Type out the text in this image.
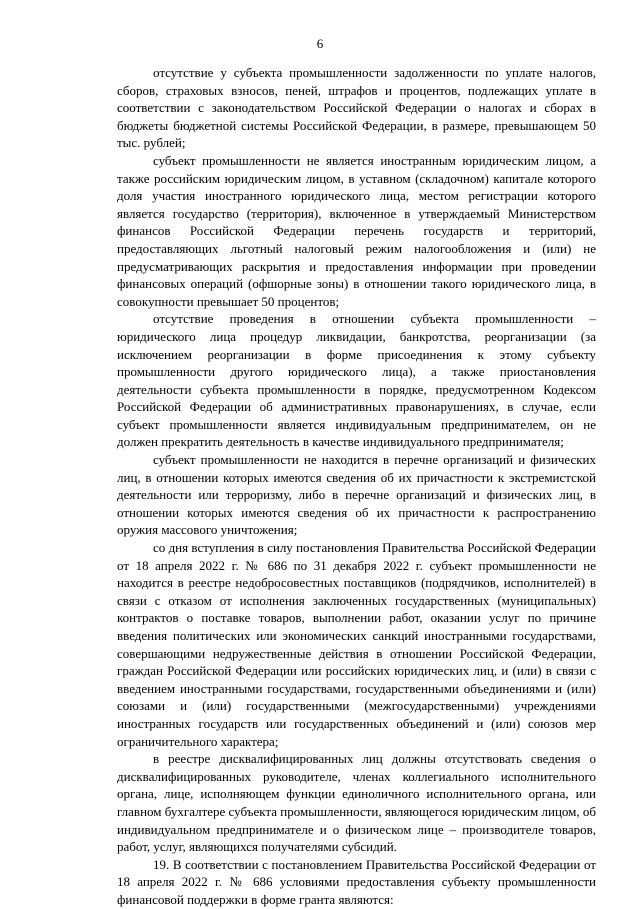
6

отсутствие у субъекта промышленности задолженности по уплате налогов, сборов, страховых взносов, пеней, штрафов и процентов, подлежащих уплате в соответствии с законодательством Российской Федерации о налогах и сборах в бюджеты бюджетной системы Российской Федерации, в размере, превышающем 50 тыс. рублей;

субъект промышленности не является иностранным юридическим лицом, а также российским юридическим лицом, в уставном (складочном) капитале которого доля участия иностранного юридического лица, местом регистрации которого является государство (территория), включенное в утверждаемый Министерством финансов Российской Федерации перечень государств и территорий, предоставляющих льготный налоговый режим налогообложения и (или) не предусматривающих раскрытия и предоставления информации при проведении финансовых операций (офшорные зоны) в отношении такого юридического лица, в совокупности превышает 50 процентов;

отсутствие проведения в отношении субъекта промышленности – юридического лица процедур ликвидации, банкротства, реорганизации (за исключением реорганизации в форме присоединения к этому субъекту промышленности другого юридического лица), а также приостановления деятельности субъекта промышленности в порядке, предусмотренном Кодексом Российской Федерации об административных правонарушениях, в случае, если субъект промышленности является индивидуальным предпринимателем, он не должен прекратить деятельность в качестве индивидуального предпринимателя;

субъект промышленности не находится в перечне организаций и физических лиц, в отношении которых имеются сведения об их причастности к экстремистской деятельности или терроризму, либо в перечне организаций и физических лиц, в отношении которых имеются сведения об их причастности к распространению оружия массового уничтожения;

со дня вступления в силу постановления Правительства Российской Федерации от 18 апреля 2022 г. № 686 по 31 декабря 2022 г. субъект промышленности не находится в реестре недобросовестных поставщиков (подрядчиков, исполнителей) в связи с отказом от исполнения заключенных государственных (муниципальных) контрактов о поставке товаров, выполнении работ, оказании услуг по причине введения политических или экономических санкций иностранными государствами, совершающими недружественные действия в отношении Российской Федерации, граждан Российской Федерации или российских юридических лиц, и (или) в связи с введением иностранными государствами, государственными объединениями и (или) союзами и (или) государственными (межгосударственными) учреждениями иностранных государств или государственных объединений и (или) союзов мер ограничительного характера;

в реестре дисквалифицированных лиц должны отсутствовать сведения о дисквалифицированных руководителе, членах коллегиального исполнительного органа, лице, исполняющем функции единоличного исполнительного органа, или главном бухгалтере субъекта промышленности, являющегося юридическим лицом, об индивидуальном предпринимателе и о физическом лице – производителе товаров, работ, услуг, являющихся получателями субсидий.

19. В соответствии с постановлением Правительства Российской Федерации от 18 апреля 2022 г. № 686 условиями предоставления субъекту промышленности финансовой поддержки в форме гранта являются:
